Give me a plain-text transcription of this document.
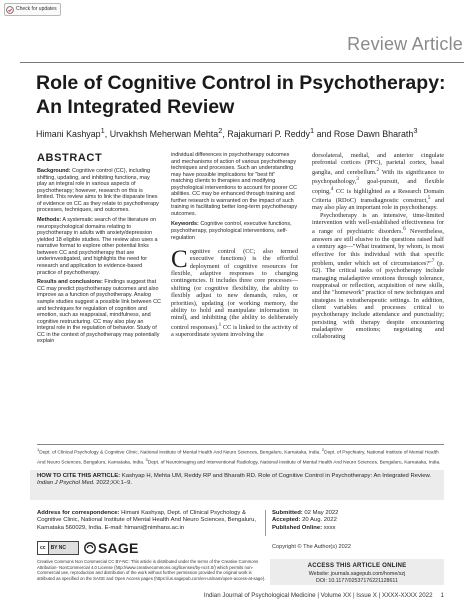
Check for updates
Review Article
Role of Cognitive Control in Psychotherapy:
An Integrated Review
Himani Kashyap$^1$, Urvakhsh Meherwan Mehta$^2$, Rajakumari P. Reddy$^1$ and Rose Dawn Bharath$^3$
ABSTRACT

Background: Cognitive control (CC), including shifting, updating, and inhibiting functions, may play an integral role in various aspects of psychotherapy; however, research on this is limited. This review aims to link the disparate lines of evidence on CC as they relate to psychotherapy processes, techniques, and outcomes.

Methods: A systematic search of the literature on neuropsychological domains relating to psychotherapy in adults with anxiety/depression yielded 18 eligible studies. The review also uses a narrative format to explore other potential links between CC and psychotherapy that are underinvestigated, and highlights the need for research and application to evidence-based practice of psychotherapy.

Results and conclusions: Findings suggest that CC may predict psychotherapy outcomes and also improve as a function of psychotherapy. Analog sample studies suggest a possible link between CC and techniques for regulation of cognition and emotion, such as reappraisal, mindfulness, and cognitive restructuring. CC may also play an integral role in the regulation of behavior. Study of CC in the context of psychotherapy may potentially explain

individual differences in psychotherapy outcomes and mechanisms of action of various psychotherapy techniques and processes. Such an understanding may have possible implications for "best fit" matching clients to therapies and modifying psychological interventions to account for poorer CC abilities. CC may be enhanced through training and further research is warranted on the impact of such training in facilitating better long-term psychotherapy outcomes.

Keywords: Cognitive control, executive functions, psychotherapy, psychological interventions, self-regulation

Cognitive control (CC; also termed executive functions) is the effortful deployment of cognitive resources for flexible, adaptive responses to changing contingencies. It includes three core processes—shifting (or cognitive flexibility, the ability to flexibly adjust to new demands, rules, or priorities), updating (or working memory, the ability to hold and manipulate information in mind), and inhibiting (the ability to deliberately control responses).$^1$ CC is linked to the activity of a superordinate system involving the

dorsolateral, medial, and anterior cingulate prefrontal cortices (PFC), parietal cortex, basal ganglia, and cerebellum.$^2$ With its significance to psychopathology,$^3$ goal-pursuit, and flexible coping,$^4$ CC is highlighted as a Research Domain Criteria (RDoC) transdiagnostic construct,$^5$ and may also play an important role in psychotherapy.

Psychotherapy is an intensive, time-limited intervention with well-established effectiveness for a range of psychiatric disorders.$^6$ Nevertheless, answers are still elusive to the questions raised half a century ago—"What treatment, by whom, is most effective for this individual with that specific problem, under which set of circumstances?"$^7$ (p. 62). The critical tasks of psychotherapy include managing maladaptive emotions through tolerance, reappraisal or reflection, acquisition of new skills, and the "homework" practice of new techniques and strategies in extratherapeutic settings. In addition, client variables and processes critical to psychotherapy include attendance and punctuality; persisting with therapy despite encountering maladaptive emotions; negotiating and collaborating

$^1$Dept. of Clinical Psychology & Cognitive Clinic, National Institute of Mental Health And Neuro Sciences, Bengaluru, Karnataka, India. $^2$Dept. of Psychiatry, National Institute of Mental Health And Neuro Sciences, Bengaluru, Karnataka, India. $^3$Dept. of Neuroimaging and Interventional Radiology, National Institute of Mental Health And Neuro Sciences, Bengaluru, Karnataka, India.
HOW TO CITE THIS ARTICLE: Kashyap H, Mehta UM, Reddy RP and Bharath RD. Role of Cognitive Control in Psychotherapy: An Integrated Review. Indian J Psychol Med. 2022;XX:1–9.
Address for correspondence: Himani Kashyap, Dept. of Clinical Psychology & Cognitive Clinic, National Institute of Mental Health And Neuro Sciences, Bengaluru, Karnataka 560029, India. E-mail: himani@nimhans.ac.in
Submitted: 02 May 2022
Accepted: 20 Aug. 2022
Published Online: xxxx
cc	BY NC SAGE	Copyright © The Author(s) 2022
Creative Commons Non Commercial CC BY-NC: This article is distributed under the terms of the Creative Commons Attribution- NonCommercial 4.0 License (http://www.creativecommons.org/licenses/by-nc/4.0/) which permits non-Commercial use, reproduction and distribution of the work without further permission provided the original work is attributed as specified on the SAGE and Open Access pages (https://us.sagepub.com/en-us/nam/open-access-at-sage).
ACCESS THIS ARTICLE ONLINE
Website: journals.sagepub.com/home/szj
DOI: 10.1177/02537176221128611
Indian Journal of Psychological Medicine | Volume XX | Issue X | XXXX-XXXX 2022 1
